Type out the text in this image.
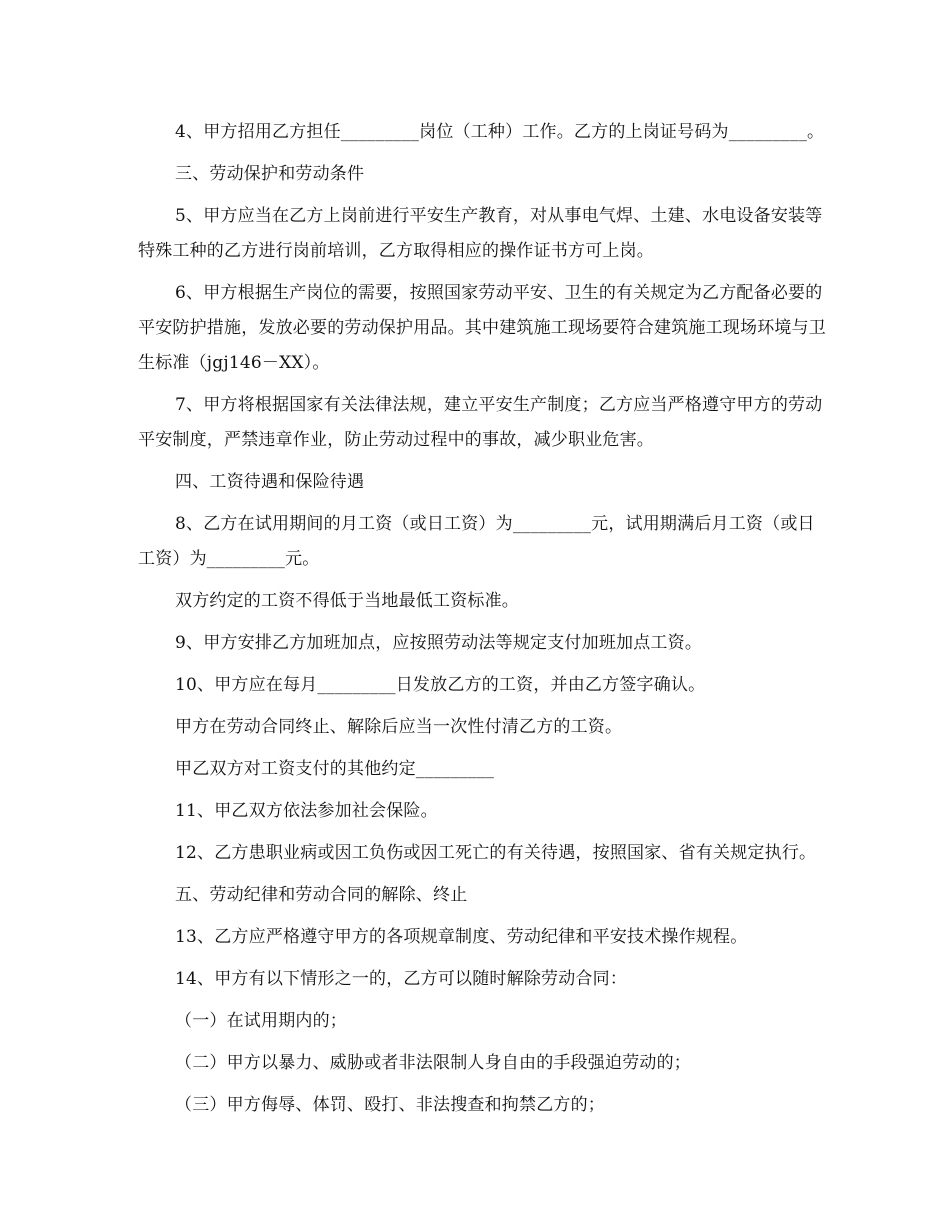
4、甲方招用乙方担任_________岗位（工种）工作。乙方的上岗证号码为_________。

三、劳动保护和劳动条件

5、甲方应当在乙方上岗前进行平安生产教育，对从事电气焊、土建、水电设备安装等特殊工种的乙方进行岗前培训，乙方取得相应的操作证书方可上岗。

6、甲方根据生产岗位的需要，按照国家劳动平安、卫生的有关规定为乙方配备必要的平安防护措施，发放必要的劳动保护用品。其中建筑施工现场要符合建筑施工现场环境与卫生标准（jgj146－XX）。

7、甲方将根据国家有关法律法规，建立平安生产制度；乙方应当严格遵守甲方的劳动平安制度，严禁违章作业，防止劳动过程中的事故，减少职业危害。

四、工资待遇和保险待遇

8、乙方在试用期间的月工资（或日工资）为_________元，试用期满后月工资（或日工资）为_________元。

双方约定的工资不得低于当地最低工资标准。

9、甲方安排乙方加班加点，应按照劳动法等规定支付加班加点工资。

10、甲方应在每月_________日发放乙方的工资，并由乙方签字确认。

甲方在劳动合同终止、解除后应当一次性付清乙方的工资。

甲乙双方对工资支付的其他约定_________

11、甲乙双方依法参加社会保险。

12、乙方患职业病或因工负伤或因工死亡的有关待遇，按照国家、省有关规定执行。

五、劳动纪律和劳动合同的解除、终止

13、乙方应严格遵守甲方的各项规章制度、劳动纪律和平安技术操作规程。

14、甲方有以下情形之一的，乙方可以随时解除劳动合同：

（一）在试用期内的；

（二）甲方以暴力、威胁或者非法限制人身自由的手段强迫劳动的；

（三）甲方侮辱、体罚、殴打、非法搜查和拘禁乙方的；
